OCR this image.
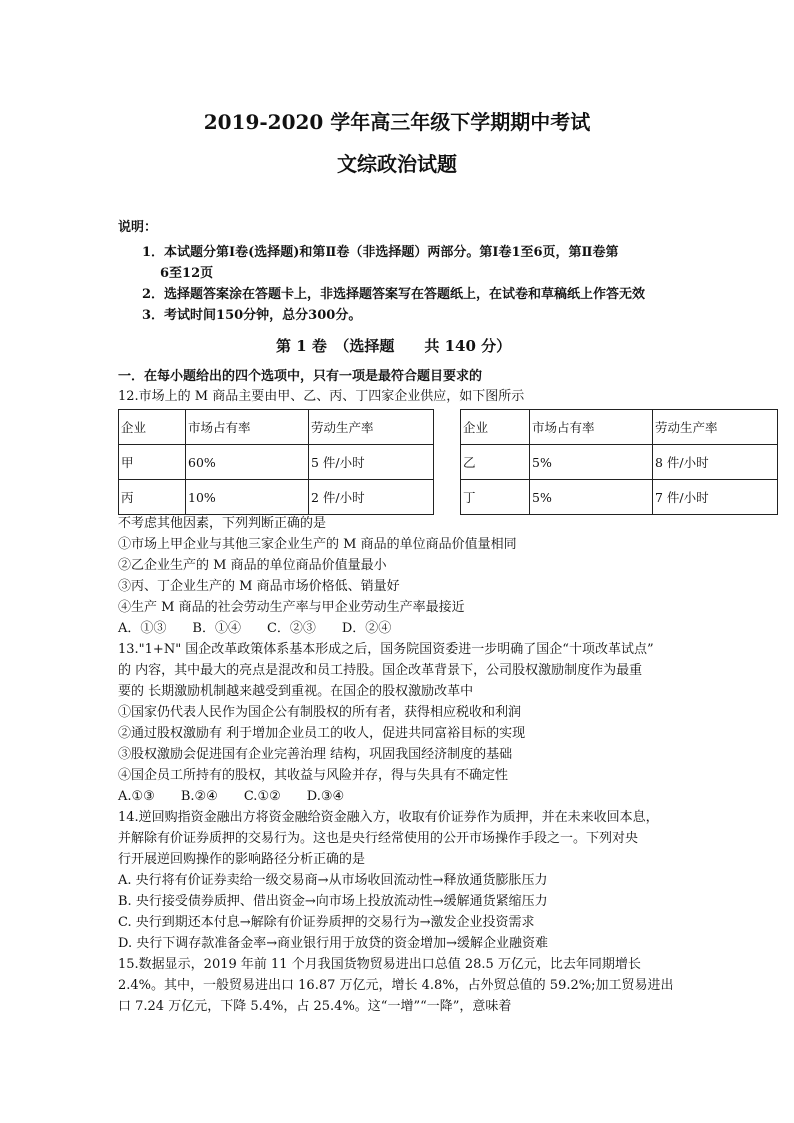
2019-2020 学年高三年级下学期期中考试
文综政治试题
说明：
1．本试题分第Ⅰ卷(选择题)和第Ⅱ卷（非选择题）两部分。第Ⅰ卷1至6页，第Ⅱ卷第
6至12页
2．选择题答案涂在答题卡上，非选择题答案写在答题纸上，在试卷和草稿纸上作答无效
3．考试时间150分钟，总分300分。
第 1 卷　（选择题　　共 140 分）
一．在每小题给出的四个选项中，只有一项是最符合题目要求的
12.市场上的 M 商品主要由甲、乙、丙、丁四家企业供应，如下图所示
企业	市场占有率	劳动生产率
甲	60%	5 件/小时
丙	10%	2 件/小时
企业	市场占有率	劳动生产率
乙	5%	8 件/小时
丁	5%	7 件/小时
不考虑其他因素，下列判断正确的是
①市场上甲企业与其他三家企业生产的 M 商品的单位商品价值量相同
②乙企业生产的 M 商品的单位商品价值量最小
③丙、丁企业生产的 M 商品市场价格低、销量好
④生产 M 商品的社会劳动生产率与甲企业劳动生产率最接近
A．①③　　B．①④　　C．②③　　D．②④
13."1+N" 国企改革政策体系基本形成之后，国务院国资委进一步明确了国企“十项改革试点”
的 内容，其中最大的亮点是混改和员工持股。国企改革背景下，公司股权激励制度作为最重
要的 长期激励机制越来越受到重视。在国企的股权激励改革中
①国家仍代表人民作为国企公有制股权的所有者，获得相应税收和利润
②通过股权激励有 利于增加企业员工的收人，促进共同富裕目标的实现
③股权激励会促进国有企业完善治理 结构，巩固我国经济制度的基础
④国企员工所持有的股权，其收益与风险并存，得与失具有不确定性
A.①③　　B.②④　　C.①②　　D.③④
14.逆回购指资金融出方将资金融给资金融入方，收取有价证券作为质押，并在未来收回本息，
并解除有价证券质押的交易行为。这也是央行经常使用的公开市场操作手段之一。下列对央
行开展逆回购操作的影响路径分析正确的是
A. 央行将有价证券卖给一级交易商→从市场收回流动性→释放通货膨胀压力
B. 央行接受债券质押、借出资金→向市场上投放流动性→缓解通货紧缩压力
C. 央行到期还本付息→解除有价证券质押的交易行为→激发企业投资需求
D. 央行下调存款准备金率→商业银行用于放贷的资金增加→缓解企业融资难
15.数据显示，2019 年前 11 个月我国货物贸易进出口总值 28.5 万亿元，比去年同期增长
2.4%。其中，一般贸易进出口 16.87 万亿元，增长 4.8%，占外贸总值的 59.2%;加工贸易进出
口 7.24 万亿元，下降 5.4%，占 25.4%。这“一增”“一降”，意味着
